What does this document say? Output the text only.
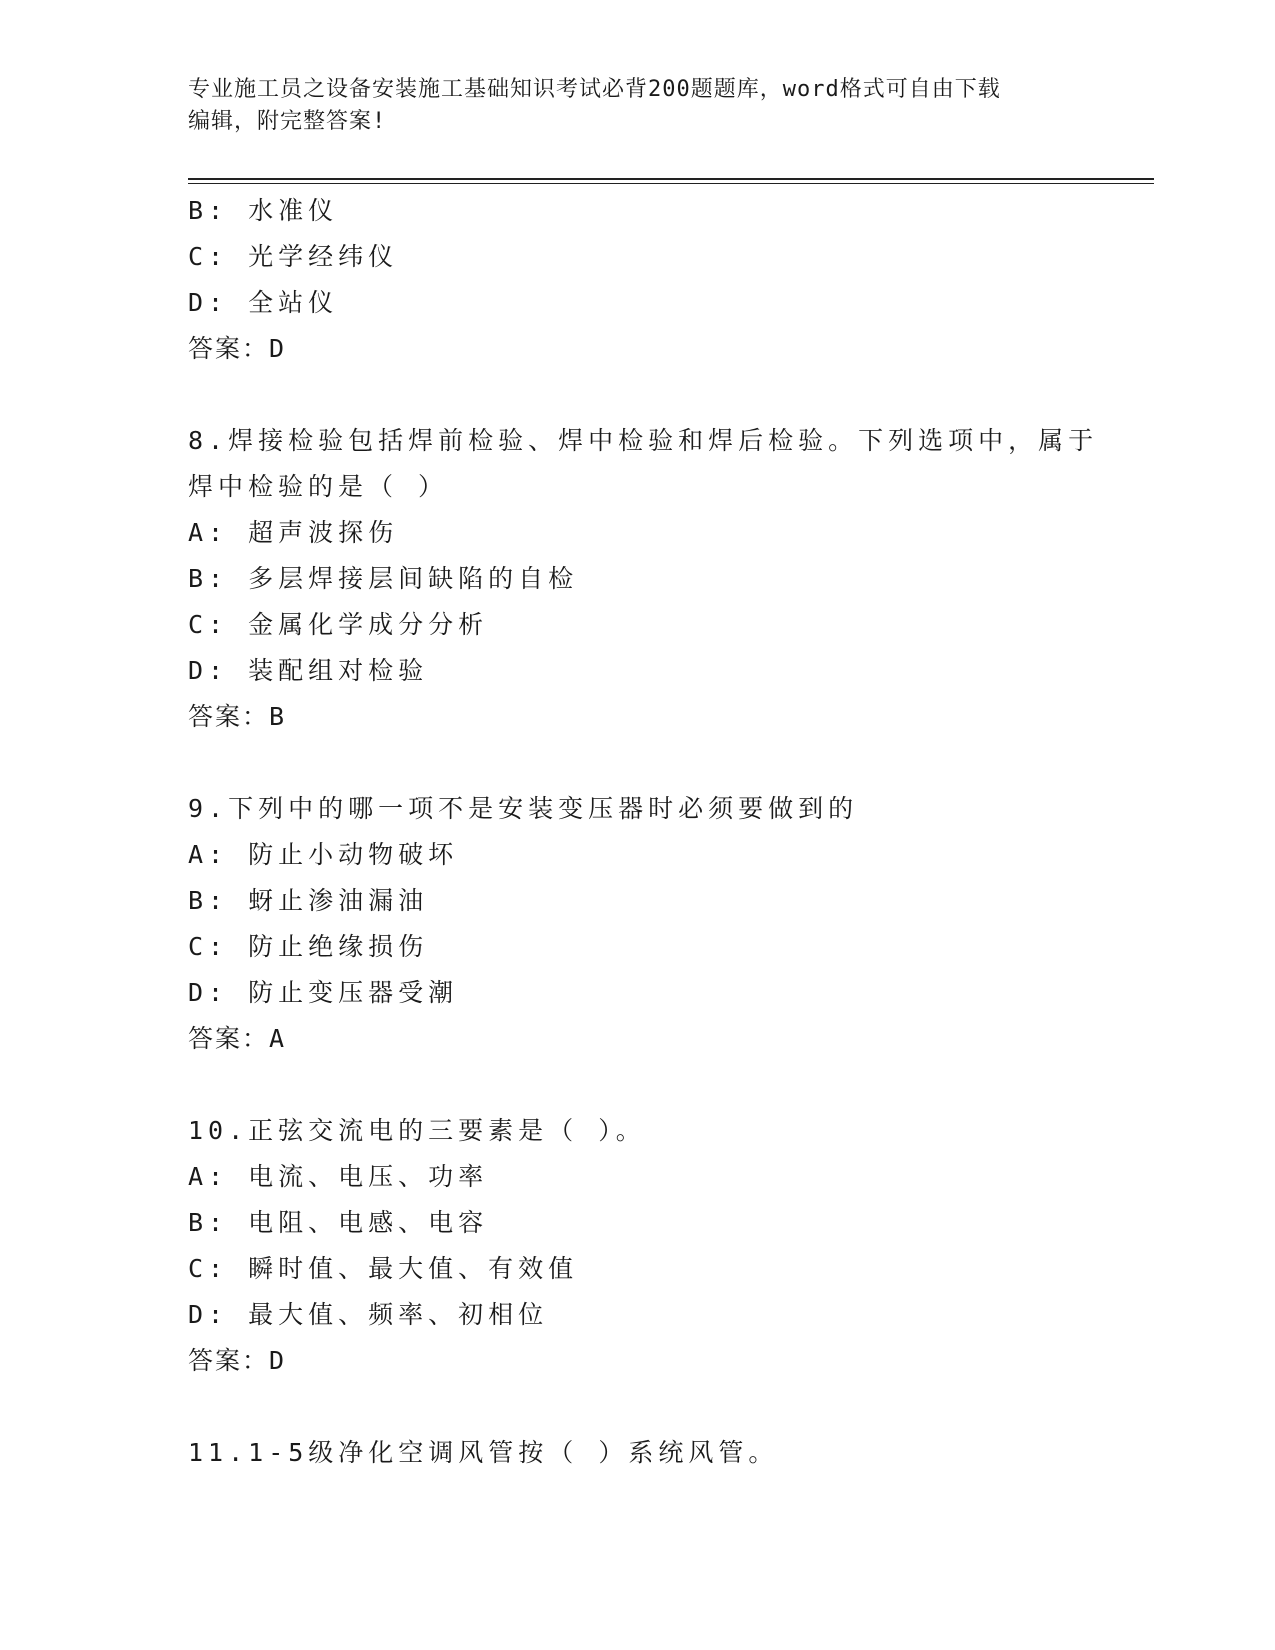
专业施工员之设备安装施工基础知识考试必背200题题库，word格式可自由下载
编辑，附完整答案!
B: 水准仪
C: 光学经纬仪
D: 全站仪
答案：D
8.焊接检验包括焊前检验、焊中检验和焊后检验。下列选项中，属于
焊中检验的是（ ）
A: 超声波探伤
B: 多层焊接层间缺陷的自检
C: 金属化学成分分析
D: 装配组对检验
答案：B
9.下列中的哪一项不是安装变压器时必须要做到的
A: 防止小动物破坏
B: 蚜止渗油漏油
C: 防止绝缘损伤
D: 防止变压器受潮
答案：A
10.正弦交流电的三要素是（ ）。
A: 电流、电压、功率
B: 电阻、电感、电容
C: 瞬时值、最大值、有效值
D: 最大值、频率、初相位
答案：D
11.1-5级净化空调风管按（ ）系统风管。
